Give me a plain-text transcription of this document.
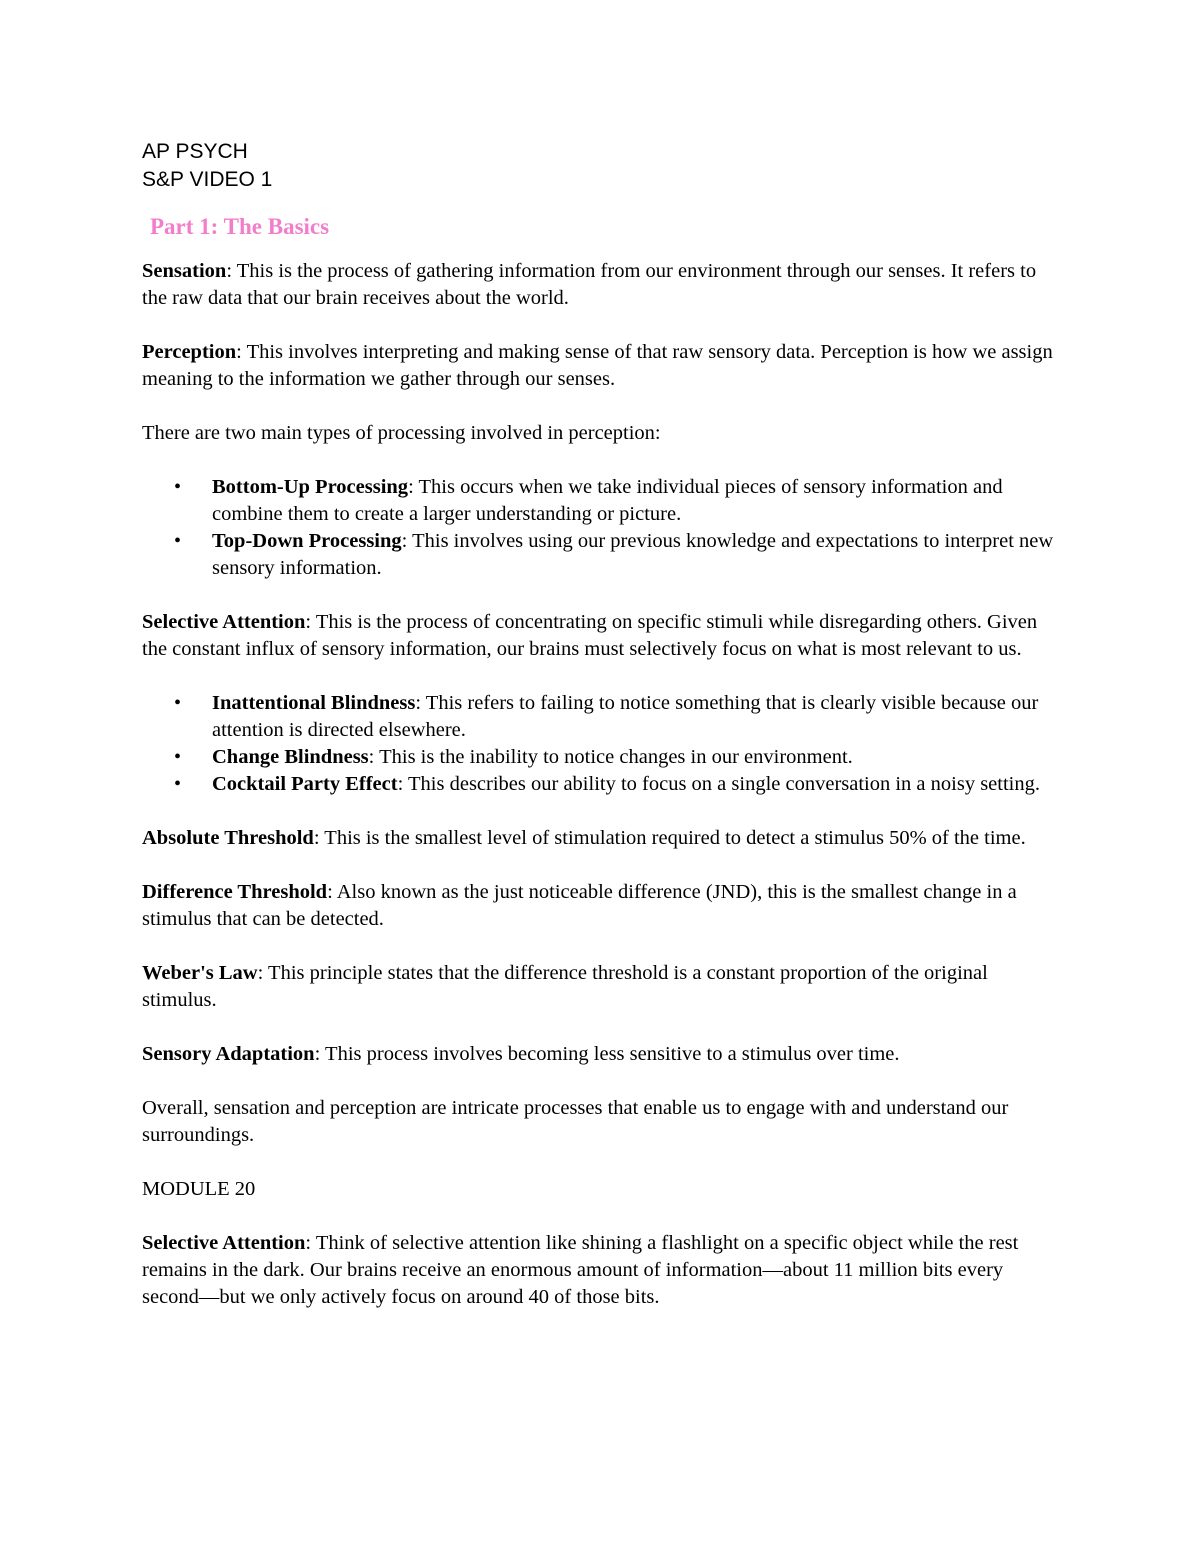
AP PSYCH
S&P VIDEO 1
Part 1: The Basics

Sensation: This is the process of gathering information from our environment through our senses. It refers to the raw data that our brain receives about the world.

Perception: This involves interpreting and making sense of that raw sensory data. Perception is how we assign meaning to the information we gather through our senses.

There are two main types of processing involved in perception:

• Bottom-Up Processing: This occurs when we take individual pieces of sensory information and combine them to create a larger understanding or picture.
• Top-Down Processing: This involves using our previous knowledge and expectations to interpret new sensory information.

Selective Attention: This is the process of concentrating on specific stimuli while disregarding others. Given the constant influx of sensory information, our brains must selectively focus on what is most relevant to us.

• Inattentional Blindness: This refers to failing to notice something that is clearly visible because our attention is directed elsewhere.
• Change Blindness: This is the inability to notice changes in our environment.
• Cocktail Party Effect: This describes our ability to focus on a single conversation in a noisy setting.

Absolute Threshold: This is the smallest level of stimulation required to detect a stimulus 50% of the time.

Difference Threshold: Also known as the just noticeable difference (JND), this is the smallest change in a stimulus that can be detected.

Weber's Law: This principle states that the difference threshold is a constant proportion of the original stimulus.

Sensory Adaptation: This process involves becoming less sensitive to a stimulus over time.

Overall, sensation and perception are intricate processes that enable us to engage with and understand our surroundings.

MODULE 20

Selective Attention: Think of selective attention like shining a flashlight on a specific object while the rest remains in the dark. Our brains receive an enormous amount of information—about 11 million bits every second—but we only actively focus on around 40 of those bits.
